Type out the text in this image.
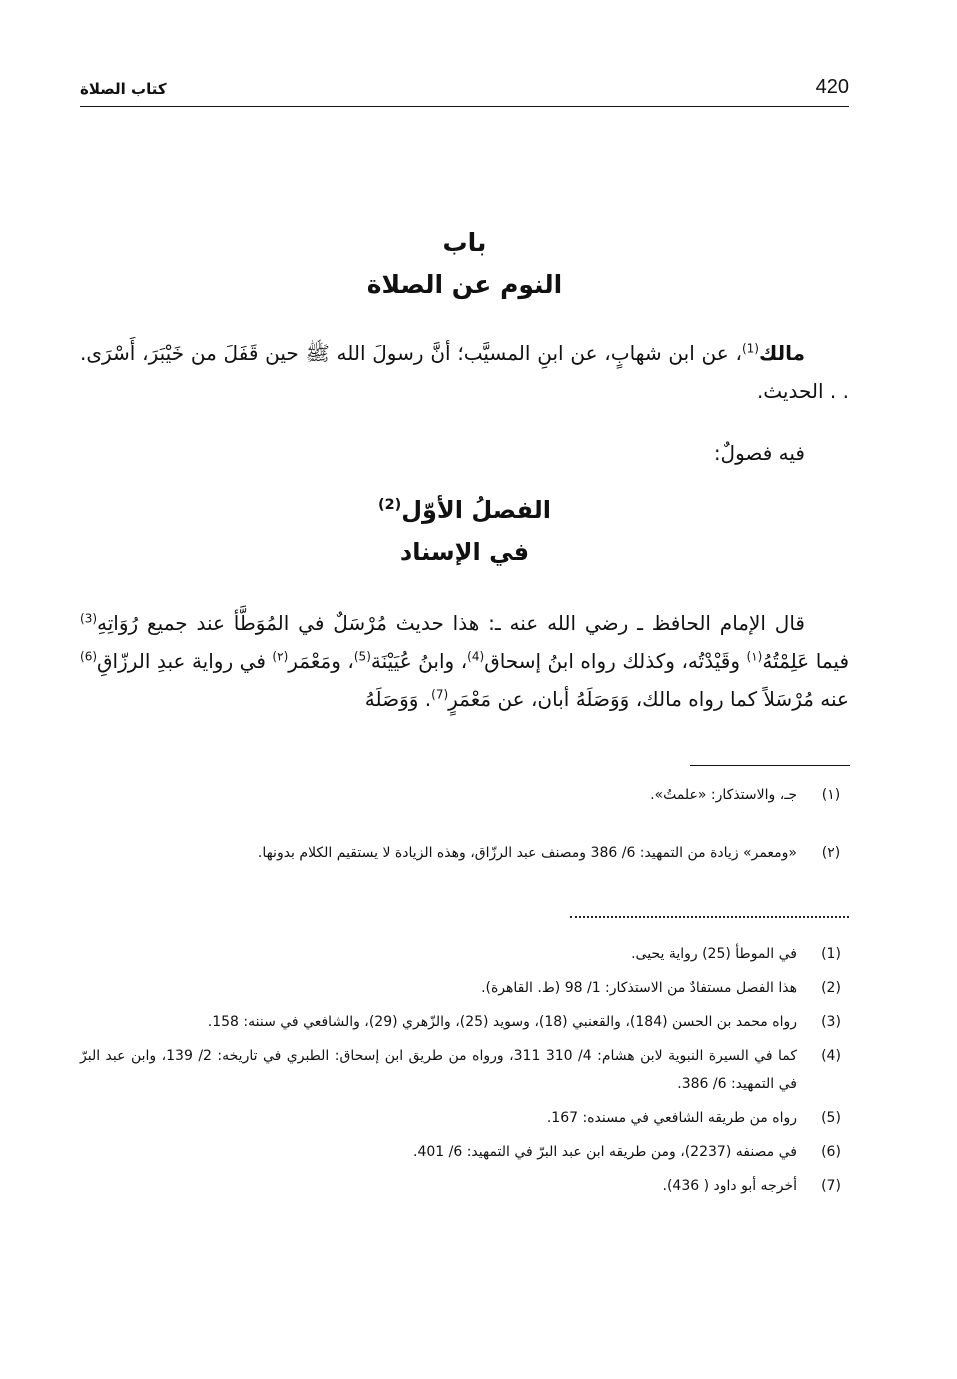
420
كتاب الصلاة
باب
النوم عن الصلاة
مالك$^{(1)}$، عن ابن شهابٍ، عن ابنِ المسيَّب؛ أنَّ رسولَ الله ﷺ حين قَفَلَ من خَيْبَرَ، أَسْرَى. . . الحديث.
فيه فصولٌ:
الفصلُ الأوّل$^{(2)}$
في الإسناد
قال الإمام الحافظ ـ رضي الله عنه ـ: هذا حديث مُرْسَلٌ في المُوَطَّأ عند جميع رُوَاتِهِ$^{(3)}$ فيما عَلِمْتُهُ$^{(١)}$ وقَيْدْتُه، وكذلك رواه ابنُ إسحاق$^{(4)}$، وابنُ عُيَيْنَة$^{(5)}$، ومَعْمَر$^{(٢)}$ في رواية عبدِ الرزّاقِ$^{(6)}$ عنه مُرْسَلاً كما رواه مالك، وَوَصَلَهُ أبان، عن مَعْمَرٍ$^{(7)}$. وَوَصَلَهُ
(١)
جـ، والاستذكار: «علمتُ».
(٢)
«ومعمر» زيادة من التمهيد: 6/ 386 ومصنف عبد الرزّاق، وهذه الزيادة لا يستقيم الكلام بدونها.
(1)
في الموطأ (25) رواية يحيى.
(2)
هذا الفصل مستفادٌ من الاستذكار: 1/ 98 (ط. القاهرة).
(3)
رواه محمد بن الحسن (184)، والقعنبي (18)، وسويد (25)، والزّهري (29)، والشافعي في سننه: 158.
(4)
كما في السيرة النبوية لابن هشام: 4/ 310 311، ورواه من طريق ابن إسحاق: الطبري في تاريخه: 2/ 139، وابن عبد البرّ في التمهيد: 6/ 386.
(5)
رواه من طريقه الشافعي في مسنده: 167.
(6)
في مصنفه (2237)، ومن طريقه ابن عبد البرّ في التمهيد: 6/ 401.
(7)
أخرجه أبو داود ( 436).
